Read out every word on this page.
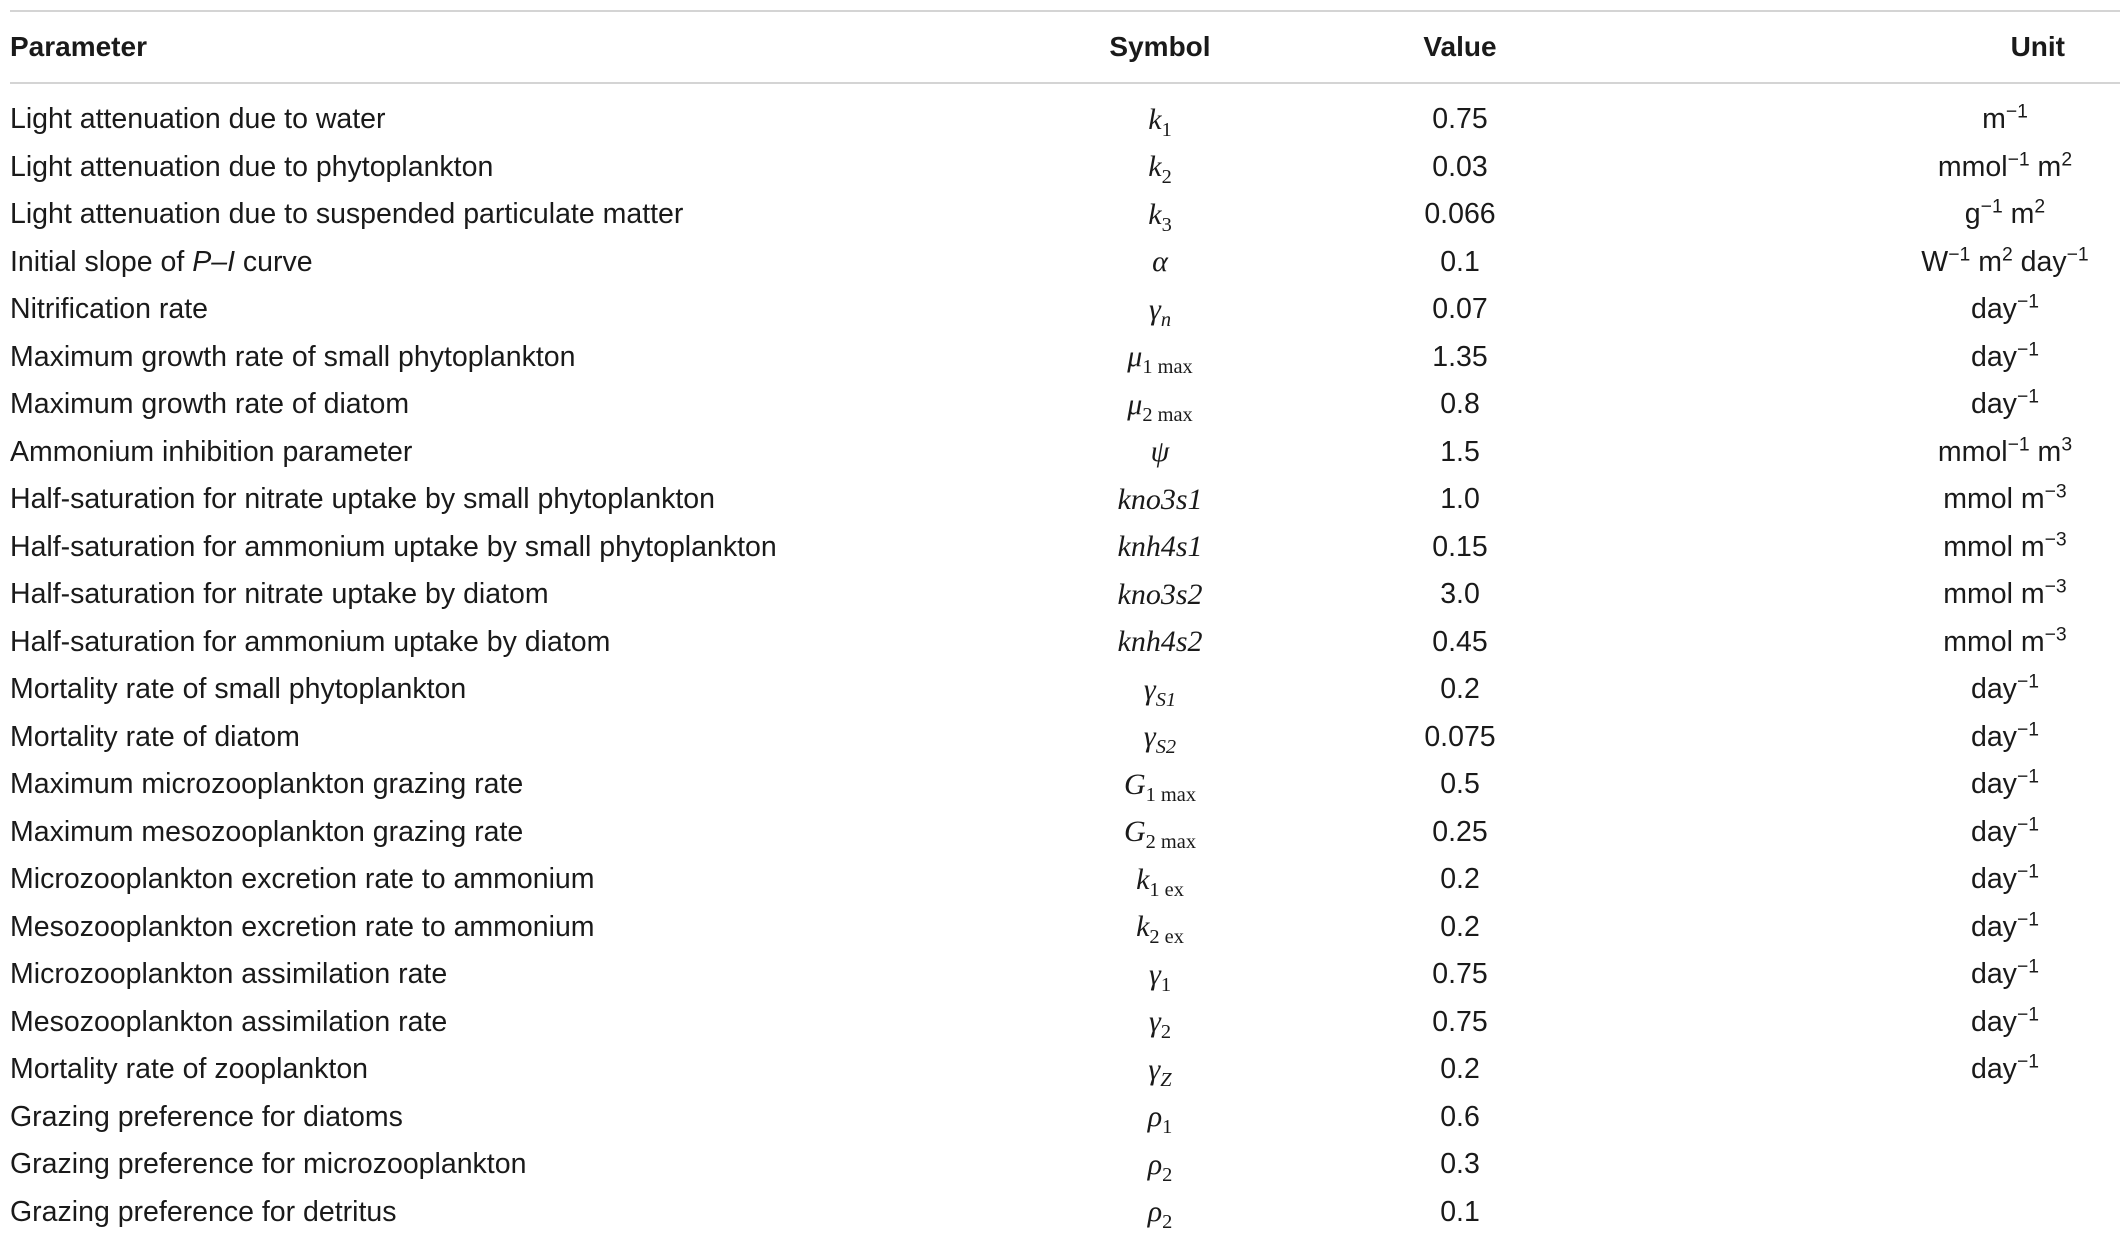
Parameter	Symbol	Value	Unit
Light attenuation due to water	$k_1$	0.75	$m^{-1}$
Light attenuation due to phytoplankton	$k_2$	0.03	mmol$^{-1}$ $m^2$
Light attenuation due to suspended particulate matter	$k_3$	0.066	$g^{-1}$ $m^2$
Initial slope of P–I curve	α	0.1	$W^{-1}$ $m^2$ day$^{-1}$
Nitrification rate	$\gamma_n$	0.07	day$^{-1}$
Maximum growth rate of small phytoplankton	$\mu_{1 max}$	1.35	day$^{-1}$
Maximum growth rate of diatom	$\mu_{2 max}$	0.8	day$^{-1}$
Ammonium inhibition parameter	ψ	1.5	mmol$^{-1}$ $m^3$
Half-saturation for nitrate uptake by small phytoplankton	kno3s1	1.0	mmol $m^{-3}$
Half-saturation for ammonium uptake by small phytoplankton	knh4s1	0.15	mmol $m^{-3}$
Half-saturation for nitrate uptake by diatom	kno3s2	3.0	mmol $m^{-3}$
Half-saturation for ammonium uptake by diatom	knh4s2	0.45	mmol $m^{-3}$
Mortality rate of small phytoplankton	$\gamma_{S1}$	0.2	day$^{-1}$
Mortality rate of diatom	$\gamma_{S2}$	0.075	day$^{-1}$
Maximum microzooplankton grazing rate	$G_{1 max}$	0.5	day$^{-1}$
Maximum mesozooplankton grazing rate	$G_{2 max}$	0.25	day$^{-1}$
Microzooplankton excretion rate to ammonium	$k_{1 ex}$	0.2	day$^{-1}$
Mesozooplankton excretion rate to ammonium	$k_{2 ex}$	0.2	day$^{-1}$
Microzooplankton assimilation rate	$\gamma_1$	0.75	day$^{-1}$
Mesozooplankton assimilation rate	$\gamma_2$	0.75	day$^{-1}$
Mortality rate of zooplankton	$\gamma_Z$	0.2	day$^{-1}$
Grazing preference for diatoms	$\rho_1$	0.6
Grazing preference for microzooplankton	$\rho_2$	0.3
Grazing preference for detritus	$\rho_2$	0.1
